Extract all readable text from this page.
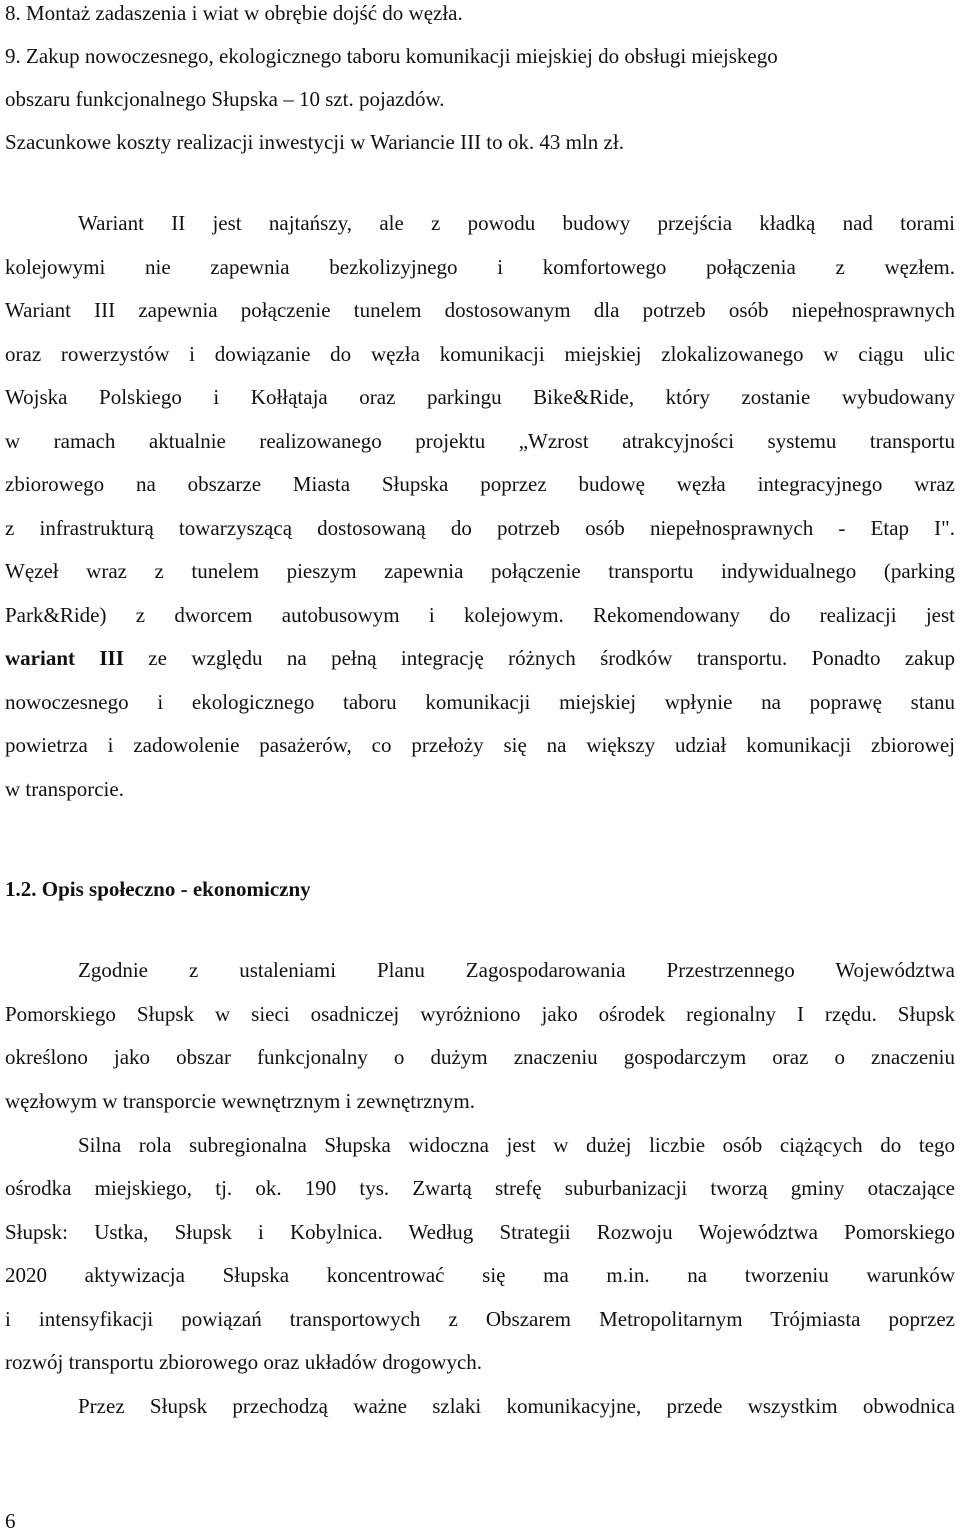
8. Montaż zadaszenia i wiat w obrębie dojść do węzła.
9. Zakup nowoczesnego, ekologicznego taboru komunikacji miejskiej do obsługi miejskego
obszaru funkcjonalnego Słupska – 10 szt. pojazdów.
Szacunkowe koszty realizacji inwestycji w Wariancie III to ok. 43 mln zł.
Wariant II jest najtańszy, ale z powodu budowy przejścia kładką nad torami
kolejowymi nie zapewnia bezkolizyjnego i komfortowego połączenia z węzłem.
Wariant III zapewnia połączenie tunelem dostosowanym dla potrzeb osób niepełnosprawnych
oraz rowerzystów i dowiązanie do węzła komunikacji miejskiej zlokalizowanego w ciągu ulic
Wojska Polskiego i Kołłątaja oraz parkingu Bike&Ride, który zostanie wybudowany
w ramach aktualnie realizowanego projektu „Wzrost atrakcyjności systemu transportu
zbiorowego na obszarze Miasta Słupska poprzez budowę węzła integracyjnego wraz
z infrastrukturą towarzyszącą dostosowaną do potrzeb osób niepełnosprawnych - Etap I".
Węzeł wraz z tunelem pieszym zapewnia połączenie transportu indywidualnego (parking
Park&Ride) z dworcem autobusowym i kolejowym. Rekomendowany do realizacji jest
wariant III ze względu na pełną integrację różnych środków transportu. Ponadto zakup
nowoczesnego i ekologicznego taboru komunikacji miejskiej wpłynie na poprawę stanu
powietrza i zadowolenie pasażerów, co przełoży się na większy udział komunikacji zbiorowej
w transporcie.
1.2. Opis społeczno - ekonomiczny
Zgodnie z ustaleniami Planu Zagospodarowania Przestrzennego Województwa
Pomorskiego Słupsk w sieci osadniczej wyróżniono jako ośrodek regionalny I rzędu. Słupsk
określono jako obszar funkcjonalny o dużym znaczeniu gospodarczym oraz o znaczeniu
węzłowym w transporcie wewnętrznym i zewnętrznym.
Silna rola subregionalna Słupska widoczna jest w dużej liczbie osób ciążących do tego
ośrodka miejskiego, tj. ok. 190 tys. Zwartą strefę suburbanizacji tworzą gminy otaczające
Słupsk: Ustka, Słupsk i Kobylnica. Według Strategii Rozwoju Województwa Pomorskiego
2020 aktywizacja Słupska koncentrować się ma m.in. na tworzeniu warunków
i intensyfikacji powiązań transportowych z Obszarem Metropolitarnym Trójmiasta poprzez
rozwój transportu zbiorowego oraz układów drogowych.
Przez Słupsk przechodzą ważne szlaki komunikacyjne, przede wszystkim obwodnica
6
